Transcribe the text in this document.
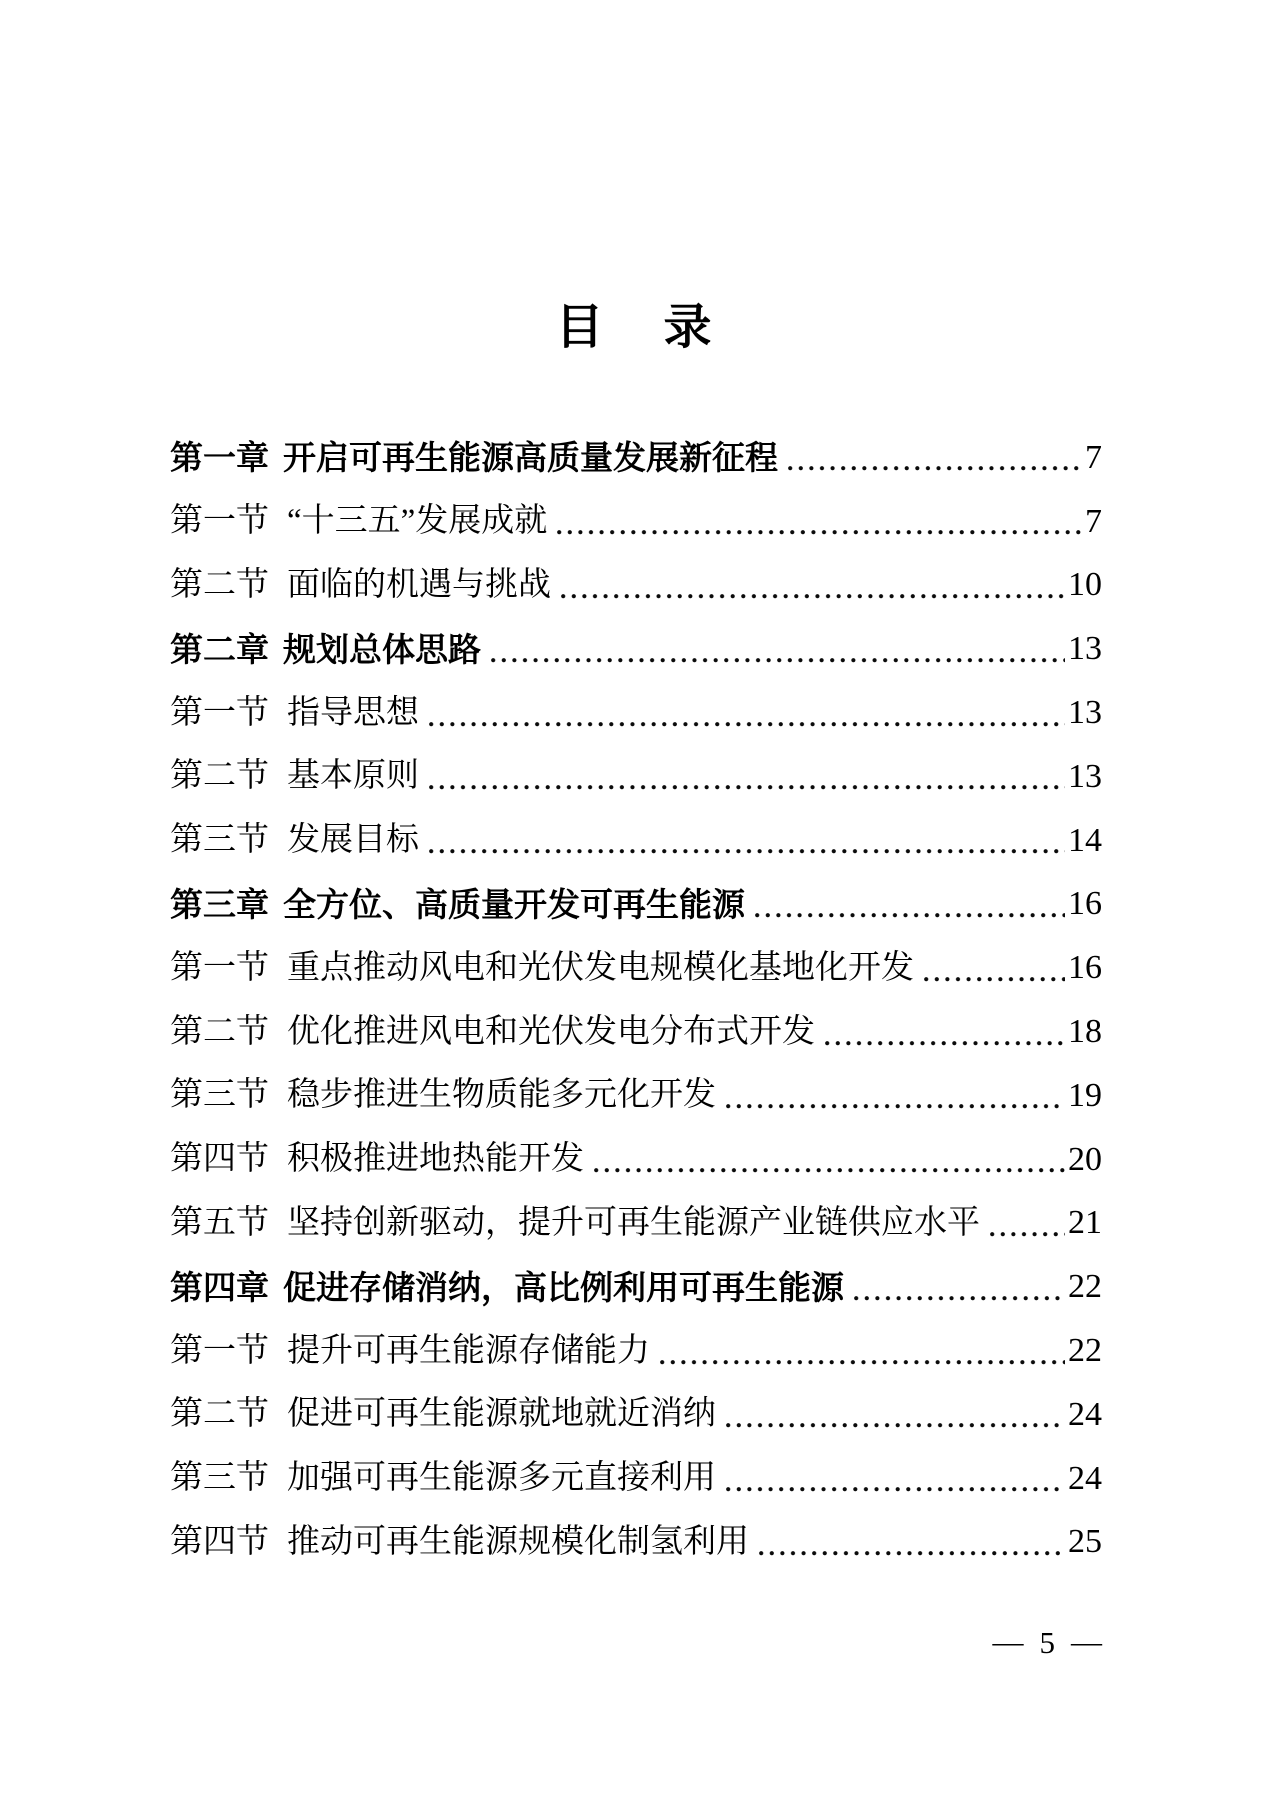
目　录
第一章 开启可再生能源高质量发展新征程	7
第一节 “十三五”发展成就	7
第二节 面临的机遇与挑战	10
第二章 规划总体思路	13
第一节 指导思想	13
第二节 基本原则	13
第三节 发展目标	14
第三章 全方位、高质量开发可再生能源	16
第一节 重点推动风电和光伏发电规模化基地化开发	16
第二节 优化推进风电和光伏发电分布式开发	18
第三节 稳步推进生物质能多元化开发	19
第四节 积极推进地热能开发	20
第五节 坚持创新驱动，提升可再生能源产业链供应水平	21
第四章 促进存储消纳，高比例利用可再生能源	22
第一节 提升可再生能源存储能力	22
第二节 促进可再生能源就地就近消纳	24
第三节 加强可再生能源多元直接利用	24
第四节 推动可再生能源规模化制氢利用	25
— 5 —
